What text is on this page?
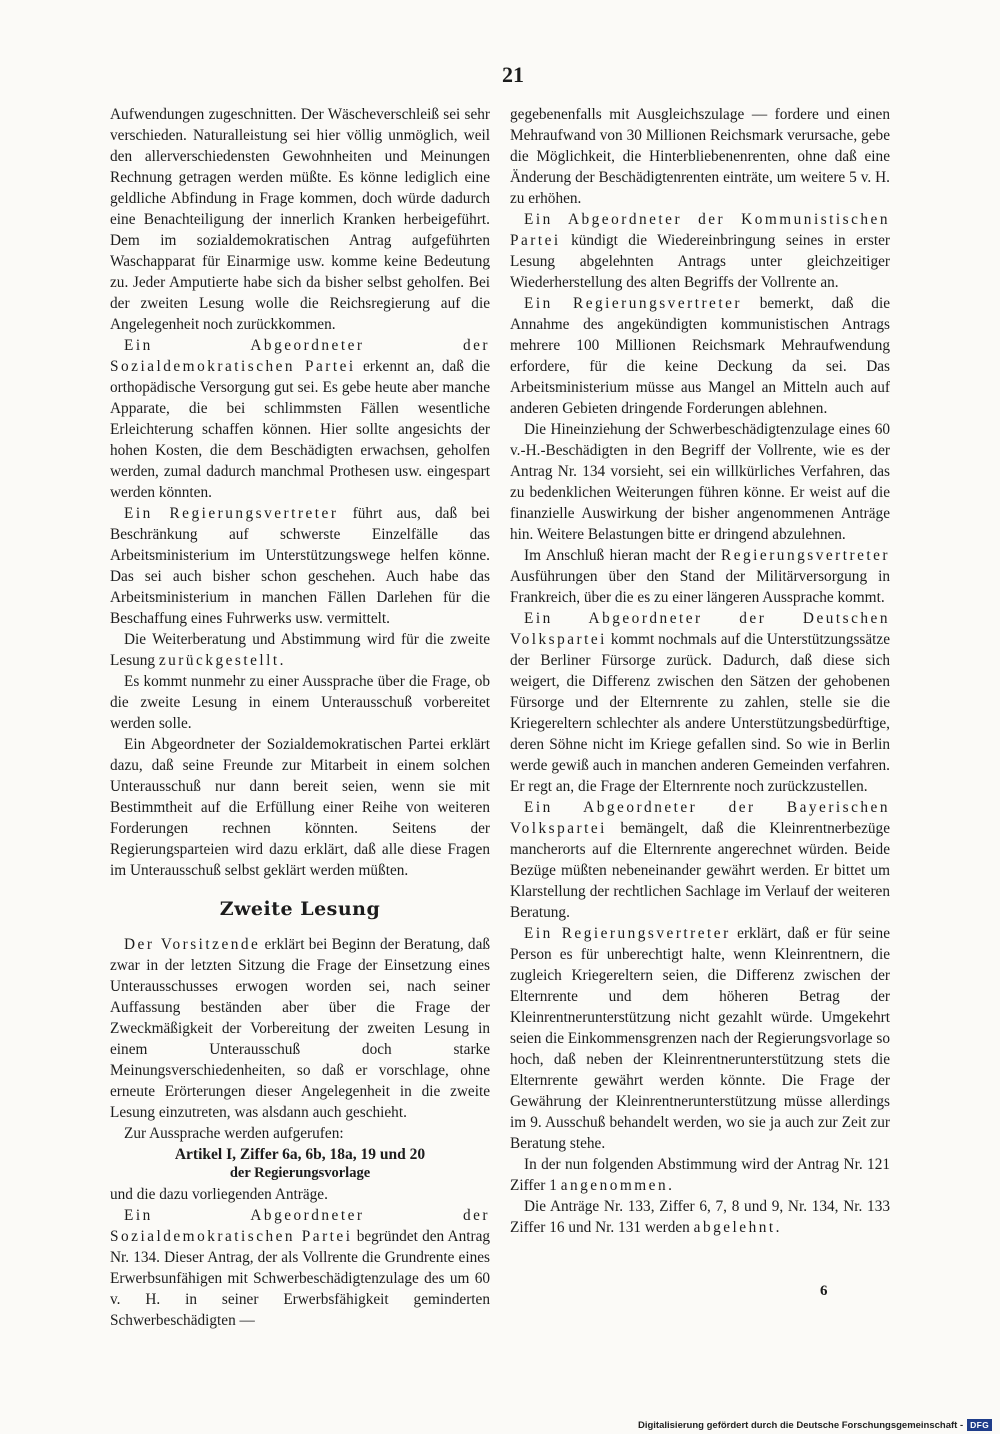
21

Aufwendungen zugeschnitten. Der Wäscheverschleiß sei sehr verschieden. Naturalleistung sei hier völlig unmöglich, weil den allerverschiedensten Gewohnheiten und Meinungen Rechnung getragen werden müßte. Es könne lediglich eine geldliche Abfindung in Frage kommen, doch würde dadurch eine Benachteiligung der innerlich Kranken herbeigeführt. Dem im sozialdemokratischen Antrag aufgeführten Waschapparat für Einarmige usw. komme keine Bedeutung zu. Jeder Amputierte habe sich da bisher selbst geholfen. Bei der zweiten Lesung wolle die Reichsregierung auf die Angelegenheit noch zurückkommen.

Ein Abgeordneter der Sozialdemokratischen Partei erkennt an, daß die orthopädische Versorgung gut sei. Es gebe heute aber manche Apparate, die bei schlimmsten Fällen wesentliche Erleichterung schaffen können. Hier sollte angesichts der hohen Kosten, die dem Beschädigten erwachsen, geholfen werden, zumal dadurch manchmal Prothesen usw. eingespart werden könnten.

Ein Regierungsvertreter führt aus, daß bei Beschränkung auf schwerste Einzelfälle das Arbeitsministerium im Unterstützungswege helfen könne. Das sei auch bisher schon geschehen. Auch habe das Arbeitsministerium in manchen Fällen Darlehen für die Beschaffung eines Fuhrwerks usw. vermittelt.

Die Weiterberatung und Abstimmung wird für die zweite Lesung zurückgestellt.

Es kommt nunmehr zu einer Aussprache über die Frage, ob die zweite Lesung in einem Unterausschuß vorbereitet werden solle.

Ein Abgeordneter der Sozialdemokratischen Partei erklärt dazu, daß seine Freunde zur Mitarbeit in einem solchen Unterausschuß nur dann bereit seien, wenn sie mit Bestimmtheit auf die Erfüllung einer Reihe von weiteren Forderungen rechnen könnten. Seitens der Regierungsparteien wird dazu erklärt, daß alle diese Fragen im Unterausschuß selbst geklärt werden müßten.

Zweite Lesung

Der Vorsitzende erklärt bei Beginn der Beratung, daß zwar in der letzten Sitzung die Frage der Einsetzung eines Unterausschusses erwogen worden sei, nach seiner Auffassung beständen aber über die Frage der Zweckmäßigkeit der Vorbereitung der zweiten Lesung in einem Unterausschuß doch starke Meinungsverschiedenheiten, so daß er vorschlage, ohne erneute Erörterungen dieser Angelegenheit in die zweite Lesung einzutreten, was alsdann auch geschieht.

Zur Aussprache werden aufgerufen:

Artikel I, Ziffer 6a, 6b, 18a, 19 und 20
der Regierungsvorlage

und die dazu vorliegenden Anträge.

Ein Abgeordneter der Sozialdemokratischen Partei begründet den Antrag Nr. 134. Dieser Antrag, der als Vollrente die Grundrente eines Erwerbsunfähigen mit Schwerbeschädigtenzulage des um 60 v. H. in seiner Erwerbsfähigkeit geminderten Schwerbeschädigten —

gegebenenfalls mit Ausgleichszulage — fordere und einen Mehraufwand von 30 Millionen Reichsmark verursache, gebe die Möglichkeit, die Hinterbliebenenrenten, ohne daß eine Änderung der Beschädigtenrenten einträte, um weitere 5 v. H. zu erhöhen.

Ein Abgeordneter der Kommunistischen Partei kündigt die Wiedereinbringung seines in erster Lesung abgelehnten Antrags unter gleichzeitiger Wiederherstellung des alten Begriffs der Vollrente an.

Ein Regierungsvertreter bemerkt, daß die Annahme des angekündigten kommunistischen Antrags mehrere 100 Millionen Reichsmark Mehraufwendung erfordere, für die keine Deckung da sei. Das Arbeitsministerium müsse aus Mangel an Mitteln auch auf anderen Gebieten dringende Forderungen ablehnen.

Die Hineinziehung der Schwerbeschädigtenzulage eines 60 v.-H.-Beschädigten in den Begriff der Vollrente, wie es der Antrag Nr. 134 vorsieht, sei ein willkürliches Verfahren, das zu bedenklichen Weiterungen führen könne. Er weist auf die finanzielle Auswirkung der bisher angenommenen Anträge hin. Weitere Belastungen bitte er dringend abzulehnen.

Im Anschluß hieran macht der Regierungsvertreter Ausführungen über den Stand der Militärversorgung in Frankreich, über die es zu einer längeren Aussprache kommt.

Ein Abgeordneter der Deutschen Volkspartei kommt nochmals auf die Unterstützungssätze der Berliner Fürsorge zurück. Dadurch, daß diese sich weigert, die Differenz zwischen den Sätzen der gehobenen Fürsorge und der Elternrente zu zahlen, stelle sie die Kriegereltern schlechter als andere Unterstützungsbedürftige, deren Söhne nicht im Kriege gefallen sind. So wie in Berlin werde gewiß auch in manchen anderen Gemeinden verfahren. Er regt an, die Frage der Elternrente noch zurückzustellen.

Ein Abgeordneter der Bayerischen Volkspartei bemängelt, daß die Kleinrentnerbezüge mancherorts auf die Elternrente angerechnet würden. Beide Bezüge müßten nebeneinander gewährt werden. Er bittet um Klarstellung der rechtlichen Sachlage im Verlauf der weiteren Beratung.

Ein Regierungsvertreter erklärt, daß er für seine Person es für unberechtigt halte, wenn Kleinrentnern, die zugleich Kriegereltern seien, die Differenz zwischen der Elternrente und dem höheren Betrag der Kleinrentnerunterstützung nicht gezahlt würde. Umgekehrt seien die Einkommensgrenzen nach der Regierungsvorlage so hoch, daß neben der Kleinrentnerunterstützung stets die Elternrente gewährt werden könnte. Die Frage der Gewährung der Kleinrentnerunterstützung müsse allerdings im 9. Ausschuß behandelt werden, wo sie ja auch zur Zeit zur Beratung stehe.

In der nun folgenden Abstimmung wird der Antrag Nr. 121 Ziffer 1 angenommen.

Die Anträge Nr. 133, Ziffer 6, 7, 8 und 9, Nr. 134, Nr. 133 Ziffer 16 und Nr. 131 werden abgelehnt.

6
Digitalisierung gefördert durch die Deutsche Forschungsgemeinschaft - DFG
